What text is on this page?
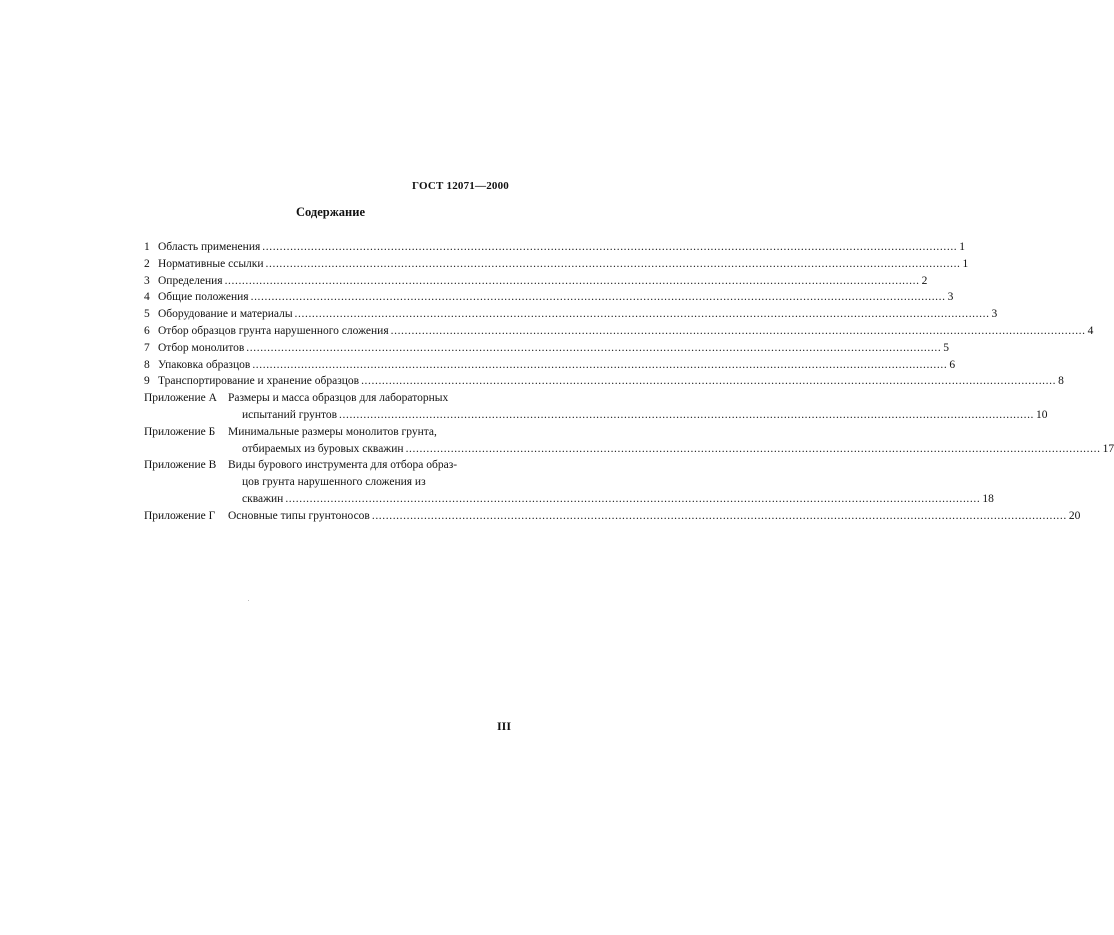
ГОСТ 12071—2000
Содержание
1 Область применения .....	1
2 Нормативные ссылки .....	1
3 Определения .....	2
4 Общие положения .....	3
5 Оборудование и материалы .....	3
6 Отбор образцов грунта нарушенного сложения .....	4
7 Отбор монолитов .....	5
8 Упаковка образцов .....	6
9 Транспортирование и хранение образцов .....	8
Приложение А Размеры и масса образцов для лабораторных
испытаний грунтов .....	10
Приложение Б	Минимальные размеры монолитов грунта,
отбираемых из буровых скважин .....	17
Приложение В	Виды бурового инструмента для отбора образ-
цов грунта нарушенного сложения из
скважин .....	18
Приложение Г	Основные типы грунтоносов .....	20
III
